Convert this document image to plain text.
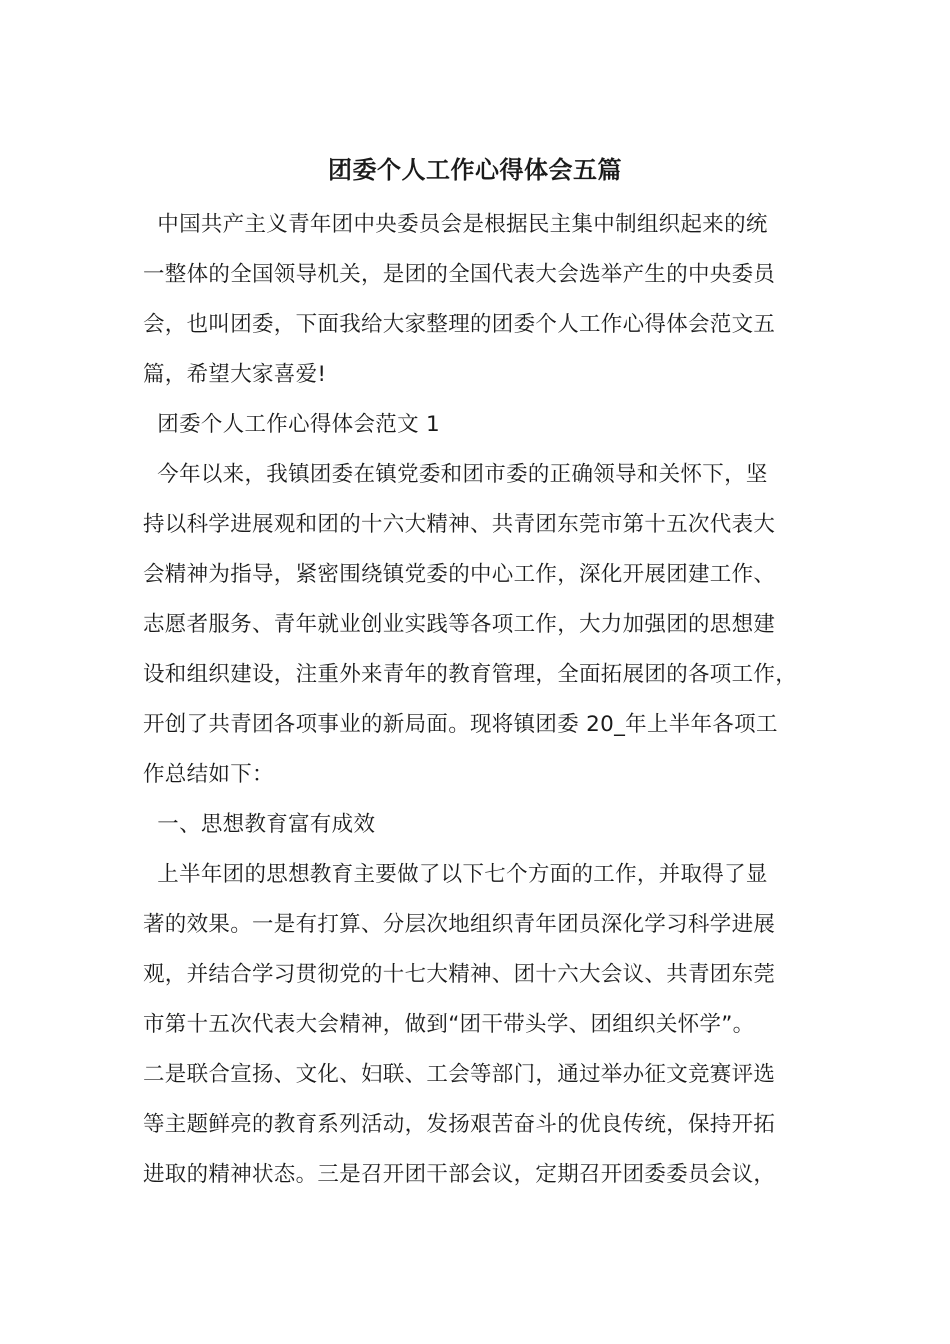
团委个人工作心得体会五篇
中国共产主义青年团中央委员会是根据民主集中制组织起来的统
一整体的全国领导机关，是团的全国代表大会选举产生的中央委员
会，也叫团委，下面我给大家整理的团委个人工作心得体会范文五
篇，希望大家喜爱!
团委个人工作心得体会范文 1
今年以来，我镇团委在镇党委和团市委的正确领导和关怀下，坚
持以科学进展观和团的十六大精神、共青团东莞市第十五次代表大
会精神为指导，紧密围绕镇党委的中心工作，深化开展团建工作、
志愿者服务、青年就业创业实践等各项工作，大力加强团的思想建
设和组织建设，注重外来青年的教育管理，全面拓展团的各项工作，
开创了共青团各项事业的新局面。现将镇团委 20_年上半年各项工
作总结如下：
一、思想教育富有成效
上半年团的思想教育主要做了以下七个方面的工作，并取得了显
著的效果。一是有打算、分层次地组织青年团员深化学习科学进展
观，并结合学习贯彻党的十七大精神、团十六大会议、共青团东莞
市第十五次代表大会精神，做到“团干带头学、团组织关怀学”。
二是联合宣扬、文化、妇联、工会等部门，通过举办征文竞赛评选
等主题鲜亮的教育系列活动，发扬艰苦奋斗的优良传统，保持开拓
进取的精神状态。三是召开团干部会议，定期召开团委委员会议，
